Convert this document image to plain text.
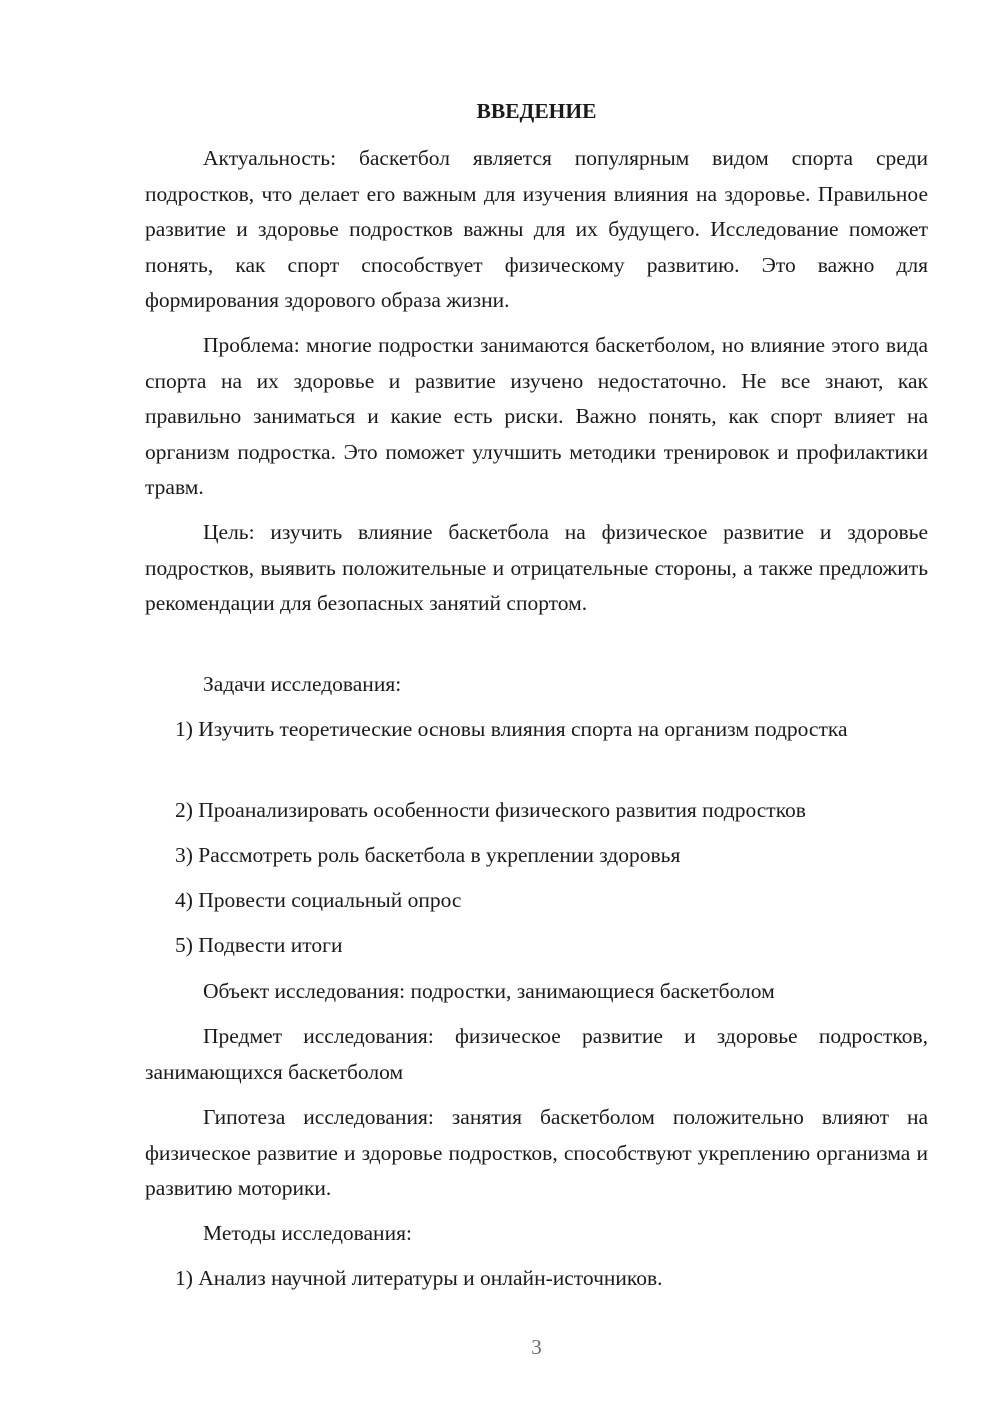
ВВЕДЕНИЕ

Актуальность: баскетбол является популярным видом спорта среди подростков, что делает его важным для изучения влияния на здоровье. Правильное развитие и здоровье подростков важны для их будущего. Исследование поможет понять, как спорт способствует физическому развитию. Это важно для формирования здорового образа жизни.

Проблема: многие подростки занимаются баскетболом, но влияние этого вида спорта на их здоровье и развитие изучено недостаточно. Не все знают, как правильно заниматься и какие есть риски. Важно понять, как спорт влияет на организм подростка. Это поможет улучшить методики тренировок и профилактики травм.

Цель: изучить влияние баскетбола на физическое развитие и здоровье подростков, выявить положительные и отрицательные стороны, а также предложить рекомендации для безопасных занятий спортом.

Задачи исследования:

1) Изучить теоретические основы влияния спорта на организм подростка

2) Проанализировать особенности физического развития подростков

3) Рассмотреть роль баскетбола в укреплении здоровья

4) Провести социальный опрос

5) Подвести итоги

Объект исследования: подростки, занимающиеся баскетболом

Предмет исследования: физическое развитие и здоровье подростков, занимающихся баскетболом

Гипотеза исследования: занятия баскетболом положительно влияют на физическое развитие и здоровье подростков, способствуют укреплению организма и развитию моторики.

Методы исследования:

1) Анализ научной литературы и онлайн-источников.

3
